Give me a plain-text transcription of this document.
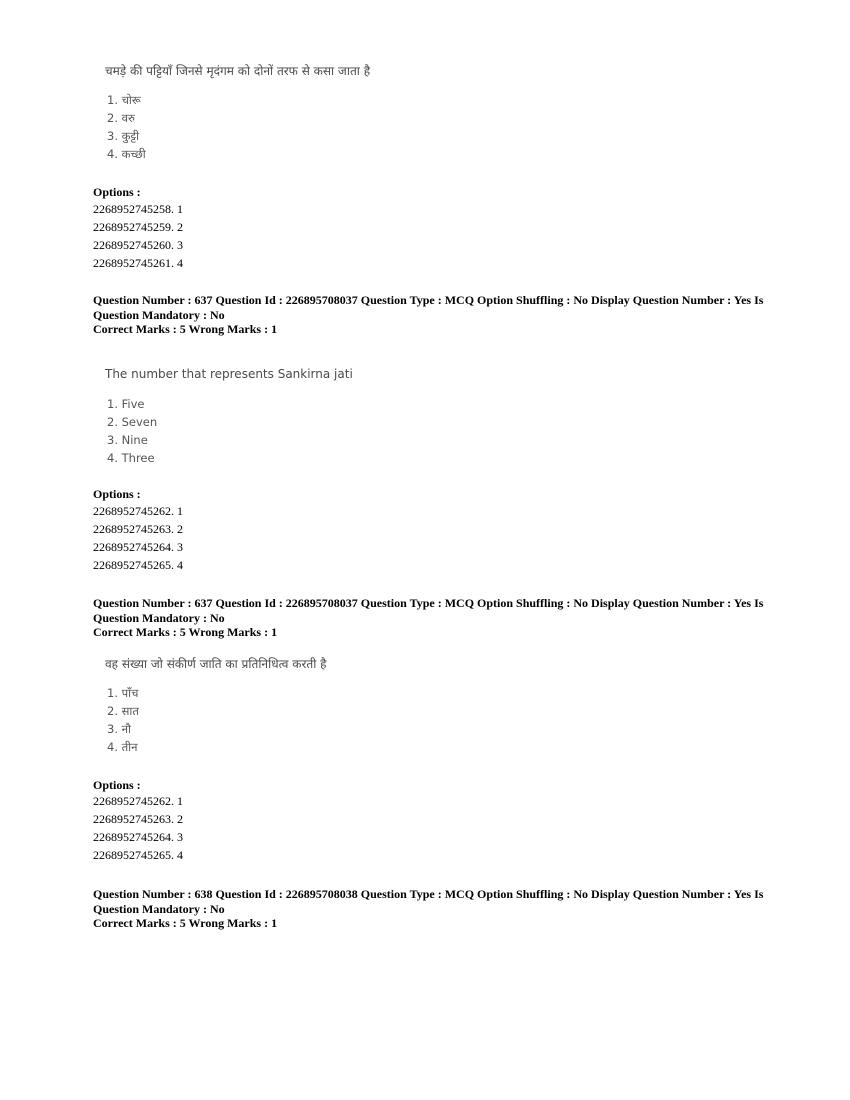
चमड़े की पट्टियाँ जिनसे मृदंगम को दोनों तरफ से कसा जाता है
1. चोरू
2. वरु
3. कुट्टी
4. कच्छी
Options :
2268952745258. 1
2268952745259. 2
2268952745260. 3
2268952745261. 4
Question Number : 637 Question Id : 226895708037 Question Type : MCQ Option Shuffling : No Display Question Number : Yes Is
Question Mandatory : No
Correct Marks : 5 Wrong Marks : 1
The number that represents Sankirna jati
1. Five
2. Seven
3. Nine
4. Three
Options :
2268952745262. 1
2268952745263. 2
2268952745264. 3
2268952745265. 4
Question Number : 637 Question Id : 226895708037 Question Type : MCQ Option Shuffling : No Display Question Number : Yes Is
Question Mandatory : No
Correct Marks : 5 Wrong Marks : 1
वह संख्या जो संकीर्ण जाति का प्रतिनिधित्व करती है
1. पाँच
2. सात
3. नौ
4. तीन
Options :
2268952745262. 1
2268952745263. 2
2268952745264. 3
2268952745265. 4
Question Number : 638 Question Id : 226895708038 Question Type : MCQ Option Shuffling : No Display Question Number : Yes Is
Question Mandatory : No
Correct Marks : 5 Wrong Marks : 1
